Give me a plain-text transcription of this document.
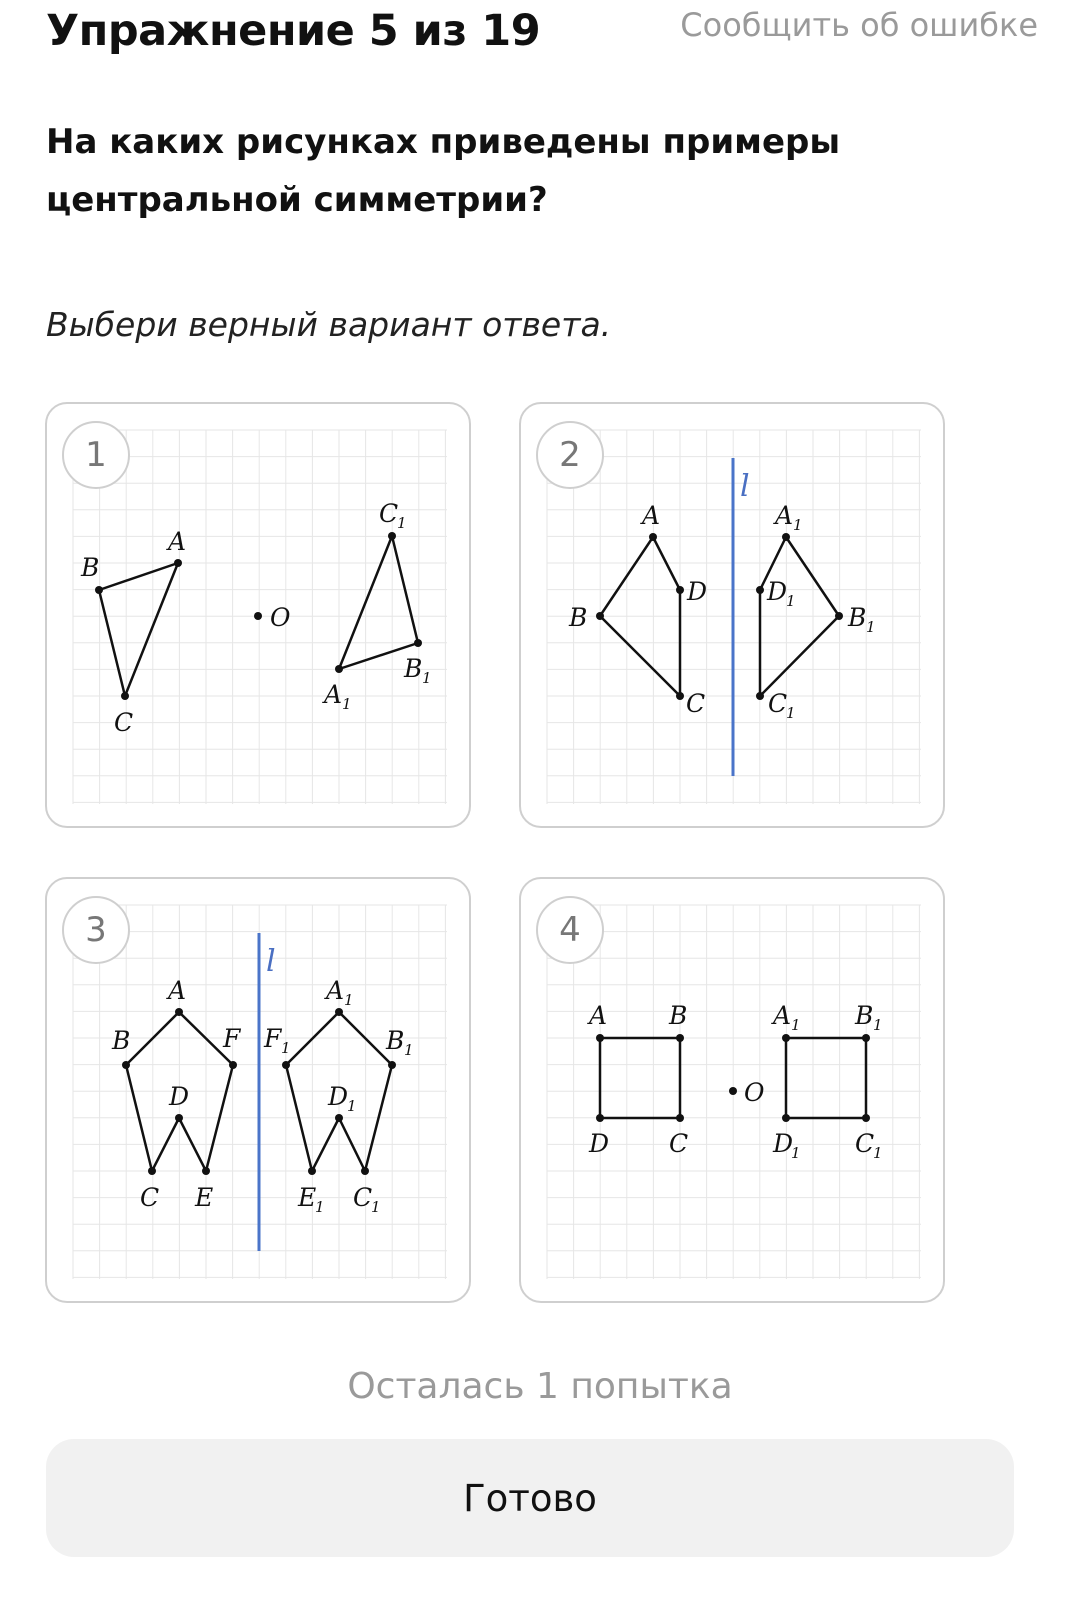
Упражнение 5 из 19	Сообщить об ошибке

На каких рисунках приведены примеры центральной симметрии?

Выбери верный вариант ответа.
A
B
C
O
C
1
B 1
A 1
1
l
A
B
C
D
A 1
B 1
C
1
D
1
2
l
A
B
C
D
E
F
A 1
B 1
C
1
D
1
E
1
F 1
3
A B
C
D
O
A 1 B 1
C
1
D
1
4
Осталась 1 попытка
Готово
